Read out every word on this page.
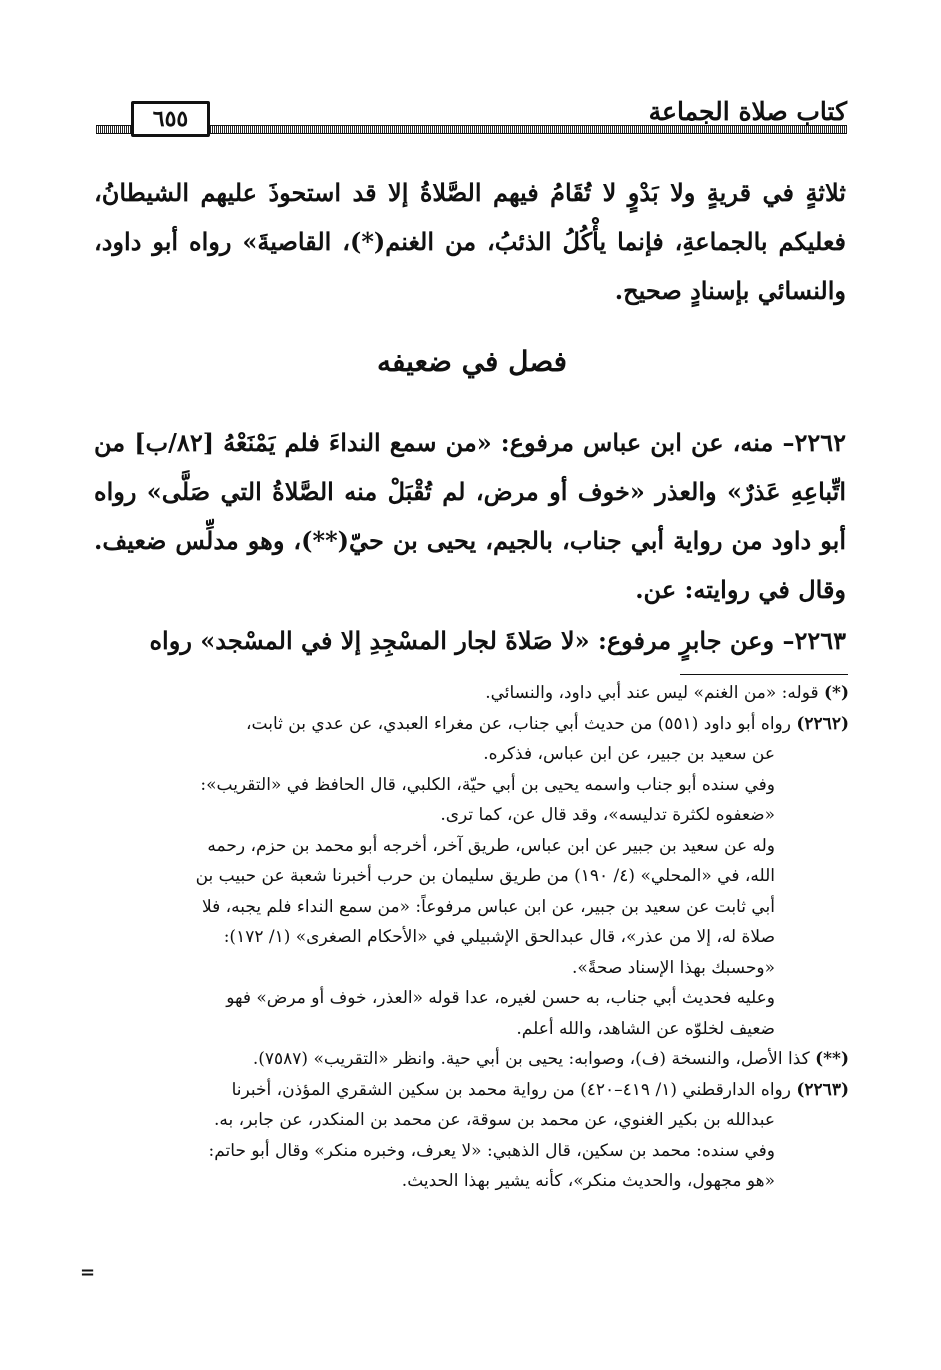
كتاب صلاة الجماعة
٦٥٥

ثلاثةٍ في قريةٍ ولا بَدْوٍ لا تُقَامُ فيهم الصَّلاةُ إلا قد استحوذَ عليهم الشيطانُ، فعليكم بالجماعةِ، فإنما يأْكُلُ الذئبُ، من الغنم(*)، القاصيةَ» رواه أبو داود، والنسائي بإسنادٍ صحيح.

فصل في ضعيفه

٢٢٦٢– منه، عن ابن عباس مرفوع: «من سمع النداءَ فلم يَمْنَعْهُ [٨٢/ب] من اتِّباعِهِ عَذرٌ» والعذر «خوف أو مرض، لم تُقْبَلْ منه الصَّلاةُ التي صَلَّى» رواه أبو داود من رواية أبي جناب، بالجيم، يحيى بن حيّ(**)، وهو مدلِّس ضعيف. وقال في روايته: عن.

٢٢٦٣– وعن جابرٍ مرفوع: «لا صَلاةَ لجار المسْجِدِ إلا في المسْجد» رواه

(*) قوله: «من الغنم» ليس عند أبي داود، والنسائي.

(٢٢٦٢) رواه أبو داود (٥٥١) من حديث أبي جناب، عن مغراء العبدي، عن عدي بن ثابت،

عن سعيد بن جبير، عن ابن عباس، فذكره.

وفي سنده أبو جناب واسمه يحيى بن أبي حيّة، الكلبي، قال الحافظ في «التقريب»:

«ضعفوه لكثرة تدليسه»، وقد قال عن، كما ترى.

وله عن سعيد بن جبير عن ابن عباس، طريق آخر، أخرجه أبو محمد بن حزم، رحمه

الله، في «المحلي» (٤/ ١٩٠) من طريق سليمان بن حرب أخبرنا شعبة عن حبيب بن

أبي ثابت عن سعيد بن جبير، عن ابن عباس مرفوعاً: «من سمع النداء فلم يجبه، فلا

صلاة له، إلا من عذر»، قال عبدالحق الإشبيلي في «الأحكام الصغرى» (١/ ١٧٢):

«وحسبك بهذا الإسناد صحةً».

وعليه فحديث أبي جناب، به حسن لغيره، عدا قوله «العذر، خوف أو مرض» فهو

ضعيف لخلوّه عن الشاهد، والله أعلم.

(**) كذا الأصل، والنسخة (ف)، وصوابه: يحيى بن أبي حية. وانظر «التقريب» (٧٥٨٧).

(٢٢٦٣) رواه الدارقطني (١/ ٤١٩–٤٢٠) من رواية محمد بن سكين الشقري المؤذن، أخبرنا

عبدالله بن بكير الغنوي، عن محمد بن سوقة، عن محمد بن المنكدر، عن جابر، به.

وفي سنده: محمد بن سكين، قال الذهبي: «لا يعرف، وخبره منكر» وقال أبو حاتم:

«هو مجهول، والحديث منكر»، كأنه يشير بهذا الحديث.

=
